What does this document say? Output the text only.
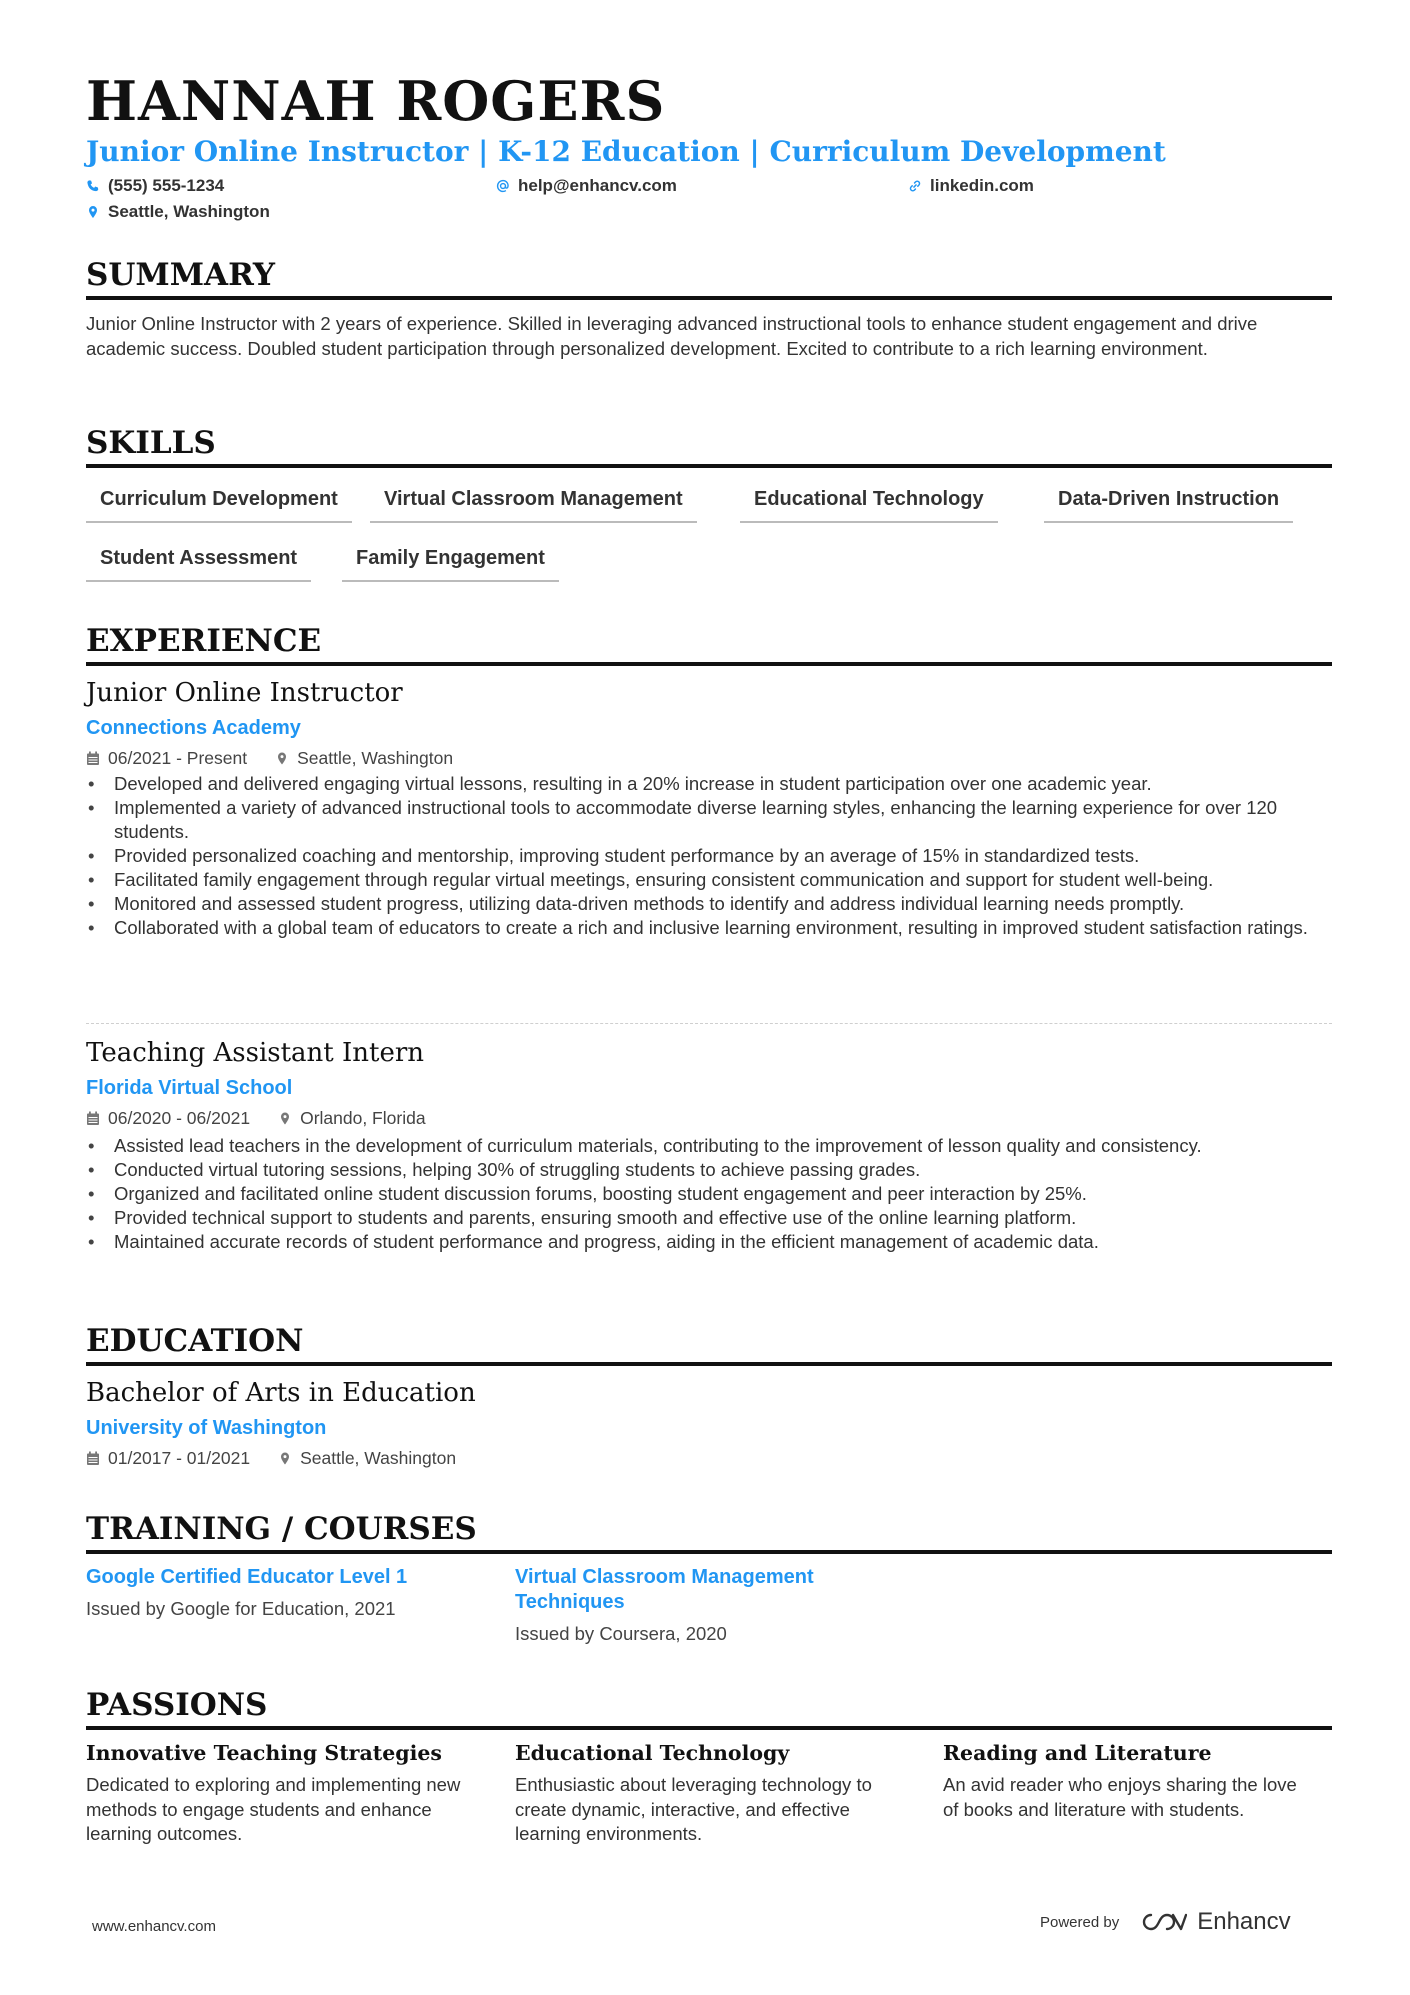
HANNAH ROGERS
Junior Online Instructor | K-12 Education | Curriculum Development
(555) 555-1234	help@enhancv.com	linkedin.com
Seattle, Washington
SUMMARY
Junior Online Instructor with 2 years of experience. Skilled in leveraging advanced instructional tools to enhance student engagement and drive academic success. Doubled student participation through personalized development. Excited to contribute to a rich learning environment.
SKILLS
Curriculum Development	Virtual Classroom Management	Educational Technology	Data-Driven Instruction
Student Assessment	Family Engagement
EXPERIENCE
Junior Online Instructor
Connections Academy
06/2021 - Present	Seattle, Washington
• Developed and delivered engaging virtual lessons, resulting in a 20% increase in student participation over one academic year.
• Implemented a variety of advanced instructional tools to accommodate diverse learning styles, enhancing the learning experience for over 120 students.
• Provided personalized coaching and mentorship, improving student performance by an average of 15% in standardized tests.
• Facilitated family engagement through regular virtual meetings, ensuring consistent communication and support for student well-being.
• Monitored and assessed student progress, utilizing data-driven methods to identify and address individual learning needs promptly.
• Collaborated with a global team of educators to create a rich and inclusive learning environment, resulting in improved student satisfaction ratings.
Teaching Assistant Intern
Florida Virtual School
06/2020 - 06/2021	Orlando, Florida
• Assisted lead teachers in the development of curriculum materials, contributing to the improvement of lesson quality and consistency.
• Conducted virtual tutoring sessions, helping 30% of struggling students to achieve passing grades.
• Organized and facilitated online student discussion forums, boosting student engagement and peer interaction by 25%.
• Provided technical support to students and parents, ensuring smooth and effective use of the online learning platform.
• Maintained accurate records of student performance and progress, aiding in the efficient management of academic data.
EDUCATION
Bachelor of Arts in Education
University of Washington
01/2017 - 01/2021	Seattle, Washington
TRAINING / COURSES
Google Certified Educator Level 1
Issued by Google for Education, 2021
Virtual Classroom Management Techniques
Issued by Coursera, 2020
PASSIONS
Innovative Teaching Strategies
Dedicated to exploring and implementing new methods to engage students and enhance learning outcomes.
Educational Technology
Enthusiastic about leveraging technology to create dynamic, interactive, and effective learning environments.
Reading and Literature
An avid reader who enjoys sharing the love of books and literature with students.
www.enhancv.com	Powered by	Enhancv
